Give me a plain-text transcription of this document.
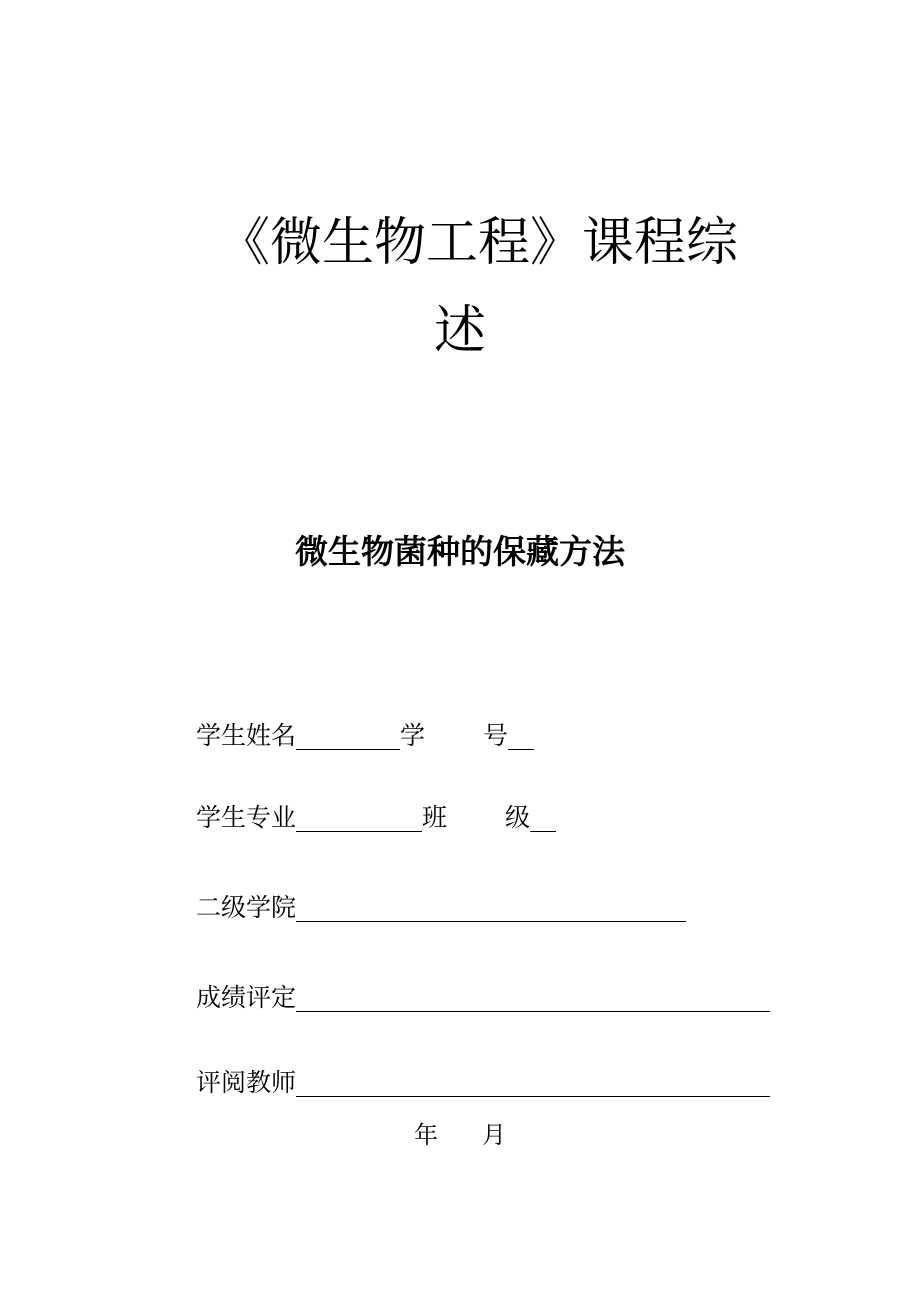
《微生物工程》课程综
述
微生物菌种的保藏方法
学生姓名	学 号
学生专业	班 级
二级学院
成绩评定
评阅教师
年 月
